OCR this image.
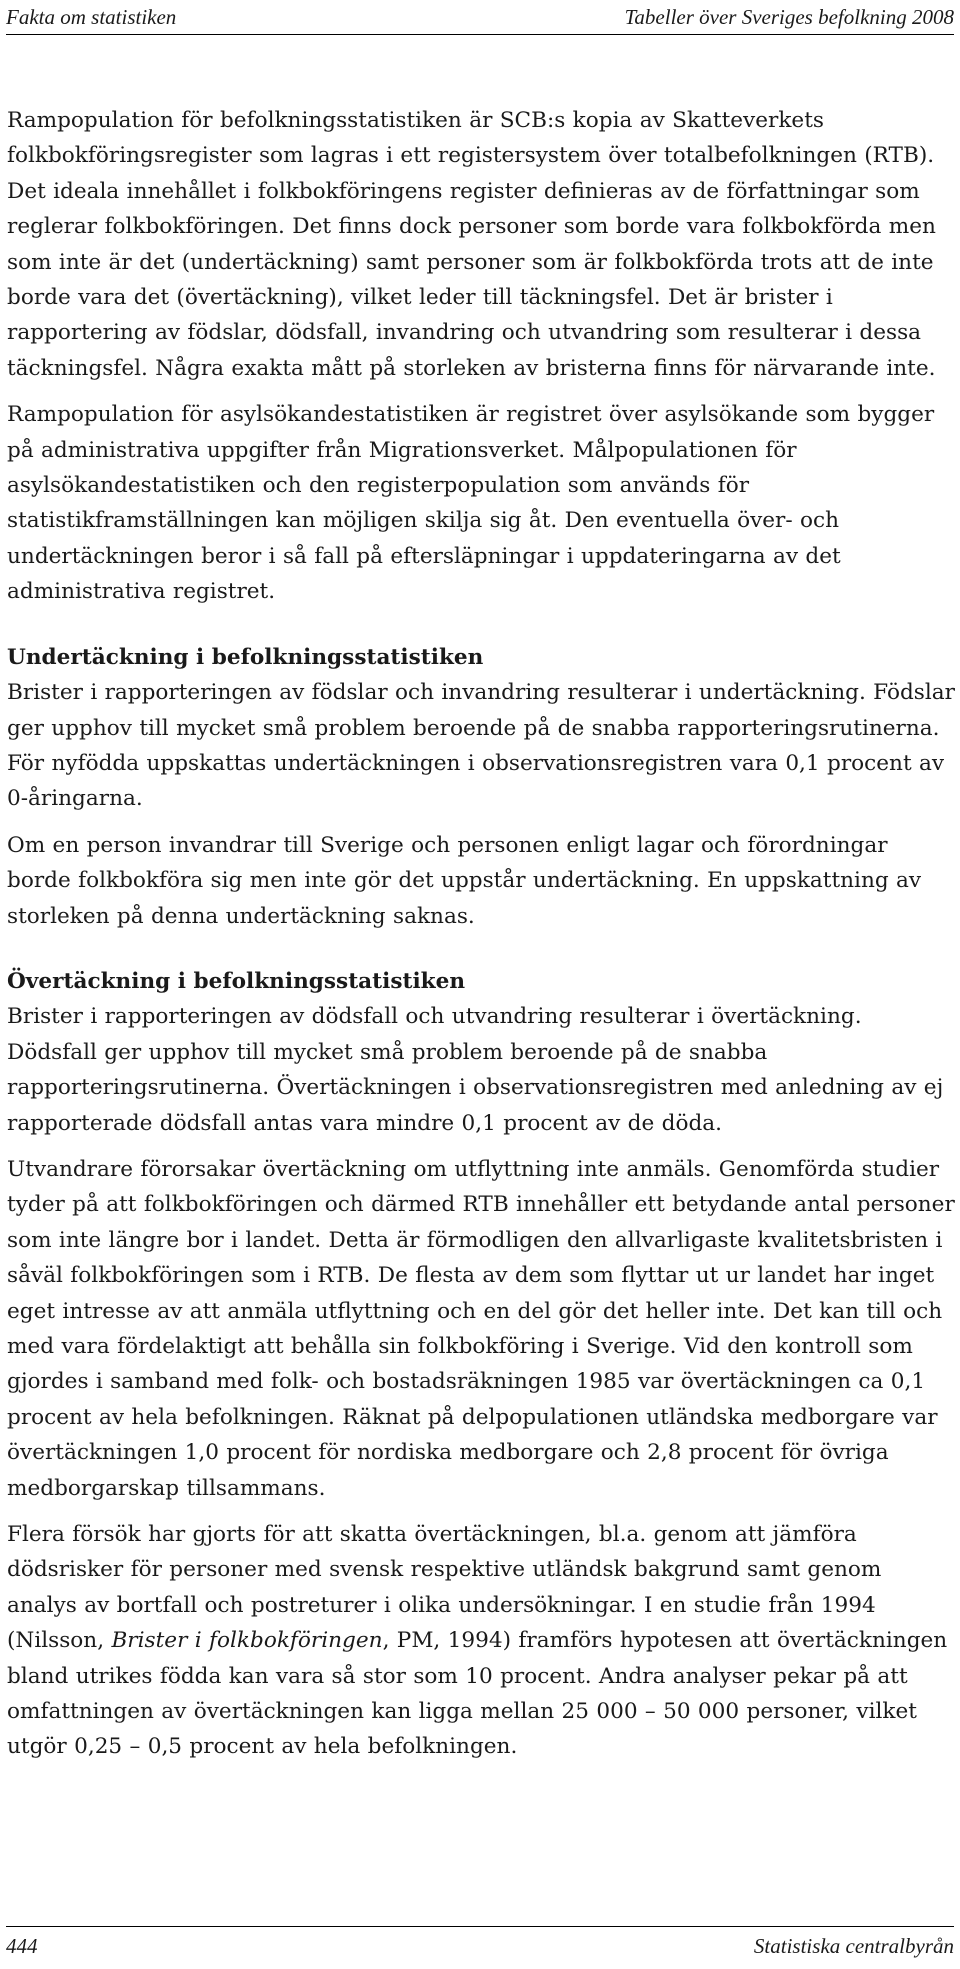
Fakta om statistiken	Tabeller över Sveriges befolkning 2008

Rampopulation för befolkningsstatistiken är SCB:s kopia av Skatteverkets folkbokföringsregister som lagras i ett registersystem över totalbefolkningen (RTB). Det ideala innehållet i folkbokföringens register definieras av de författningar som reglerar folkbokföringen. Det finns dock personer som borde vara folkbokförda men som inte är det (undertäckning) samt personer som är folkbokförda trots att de inte borde vara det (övertäckning), vilket leder till täckningsfel. Det är brister i rapportering av födslar, dödsfall, invandring och utvandring som resulterar i dessa täckningsfel. Några exakta mått på storleken av bristerna finns för närvarande inte.

Rampopulation för asylsökandestatistiken är registret över asylsökande som bygger på administrativa uppgifter från Migrationsverket. Målpopulationen för asylsökandestatistiken och den registerpopulation som används för statistikframställningen kan möjligen skilja sig åt. Den eventuella över- och undertäckningen beror i så fall på eftersläpningar i uppdateringarna av det administrativa registret.

Undertäckning i befolkningsstatistiken

Brister i rapporteringen av födslar och invandring resulterar i undertäckning. Födslar ger upphov till mycket små problem beroende på de snabba rapporteringsrutinerna. För nyfödda uppskattas undertäckningen i observationsregistren vara 0,1 procent av 0-åringarna.

Om en person invandrar till Sverige och personen enligt lagar och förordningar borde folkbokföra sig men inte gör det uppstår undertäckning. En uppskattning av storleken på denna undertäckning saknas.

Övertäckning i befolkningsstatistiken

Brister i rapporteringen av dödsfall och utvandring resulterar i övertäckning. Dödsfall ger upphov till mycket små problem beroende på de snabba rapporteringsrutinerna. Övertäckningen i observationsregistren med anledning av ej rapporterade dödsfall antas vara mindre 0,1 procent av de döda.

Utvandrare förorsakar övertäckning om utflyttning inte anmäls. Genomförda studier tyder på att folkbokföringen och därmed RTB innehåller ett betydande antal personer som inte längre bor i landet. Detta är förmodligen den allvarligaste kvalitetsbristen i såväl folkbokföringen som i RTB. De flesta av dem som flyttar ut ur landet har inget eget intresse av att anmäla utflyttning och en del gör det heller inte. Det kan till och med vara fördelaktigt att behålla sin folkbokföring i Sverige. Vid den kontroll som gjordes i samband med folk- och bostadsräkningen 1985 var övertäckningen ca 0,1 procent av hela befolkningen. Räknat på delpopulationen utländska medborgare var övertäckningen 1,0 procent för nordiska medborgare och 2,8 procent för övriga medborgarskap tillsammans.

Flera försök har gjorts för att skatta övertäckningen, bl.a. genom att jämföra dödsrisker för personer med svensk respektive utländsk bakgrund samt genom analys av bortfall och postreturer i olika undersökningar. I en studie från 1994 (Nilsson, Brister i folkbokföringen, PM, 1994) framförs hypotesen att övertäckningen bland utrikes födda kan vara så stor som 10 procent. Andra analyser pekar på att omfattningen av övertäckningen kan ligga mellan 25 000 – 50 000 personer, vilket utgör 0,25 – 0,5 procent av hela befolkningen.

444	Statistiska centralbyrån
